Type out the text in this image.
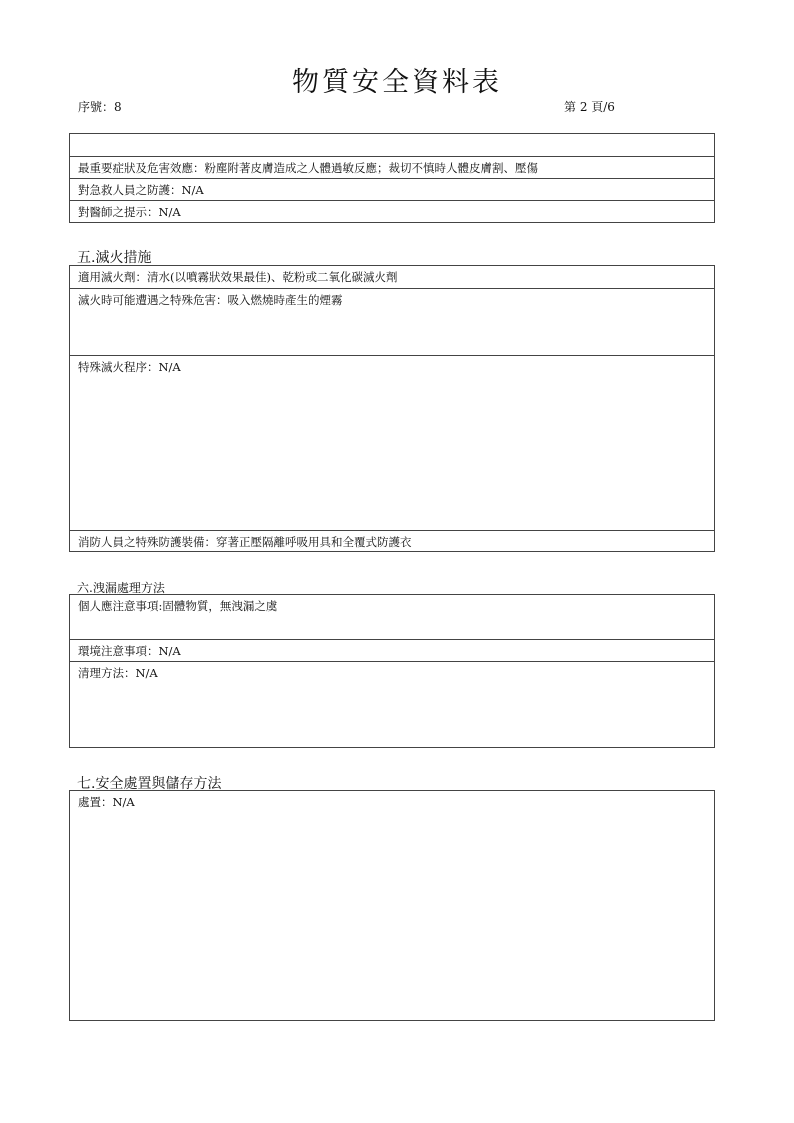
物質安全資料表
序號：8	第 2 頁/6
最重要症狀及危害效應：粉塵附著皮膚造成之人體過敏反應；裁切不慎時人體皮膚割、壓傷
對急救人員之防護：N/A
對醫師之提示：N/A
五.滅火措施
適用滅火劑：清水(以噴霧狀效果最佳)、乾粉或二氧化碳滅火劑
滅火時可能遭遇之特殊危害：吸入燃燒時產生的煙霧
特殊滅火程序：N/A
消防人員之特殊防護裝備：穿著正壓隔離呼吸用具和全覆式防護衣
六.洩漏處理方法
個人應注意事項:固體物質，無洩漏之虞
環境注意事項：N/A
清理方法：N/A
七.安全處置與儲存方法
處置：N/A
